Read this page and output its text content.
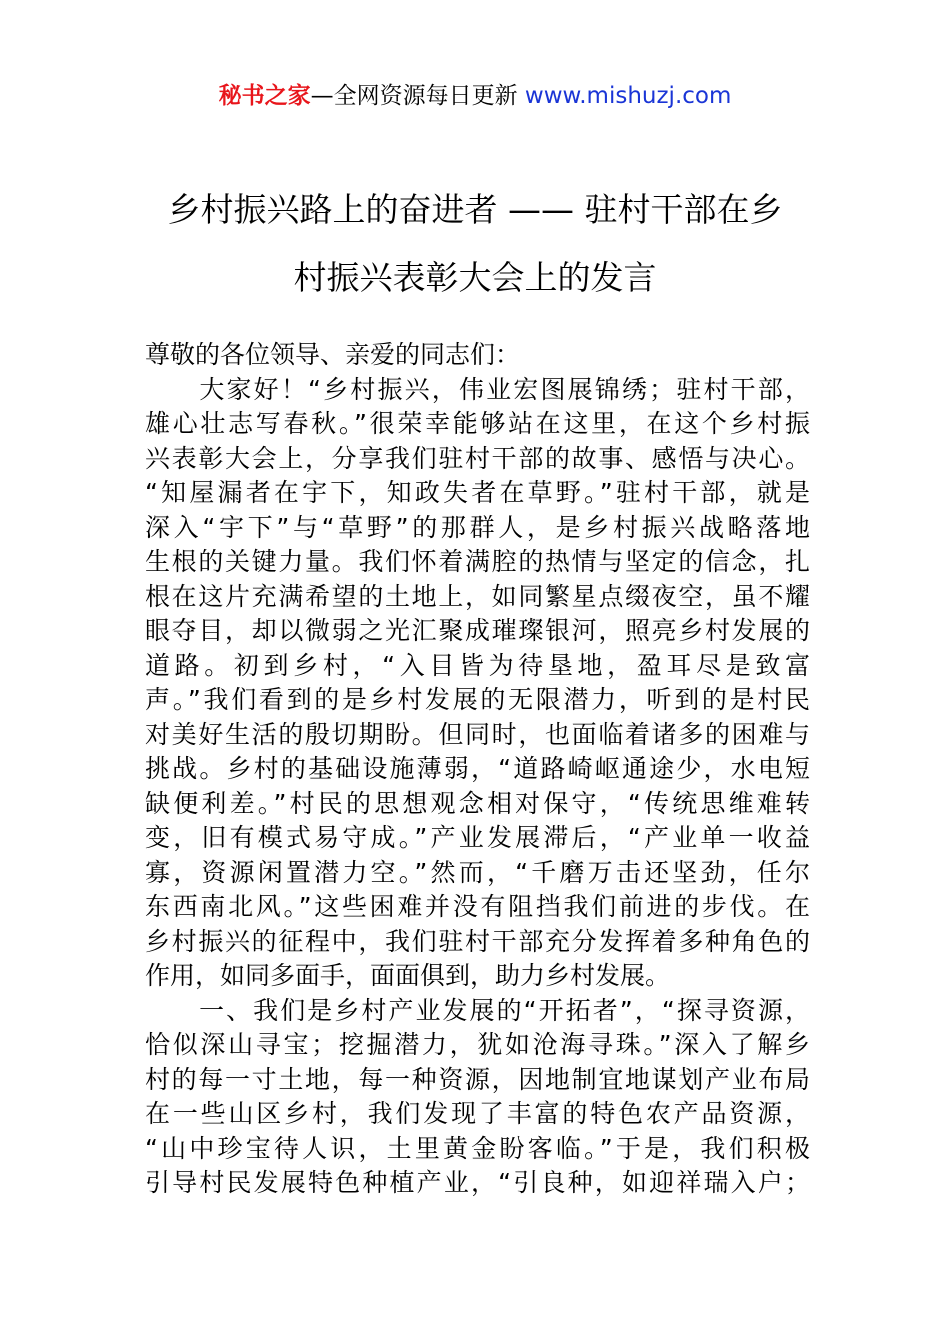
秘书之家—全网资源每日更新 www.mishuzj.com
乡村振兴路上的奋进者 —— 驻村干部在乡
村振兴表彰大会上的发言
尊敬的各位领导、亲爱的同志们：
　　大家好！“乡村振兴，伟业宏图展锦绣；驻村干部，
雄心壮志写春秋。”很荣幸能够站在这里，在这个乡村振
兴表彰大会上，分享我们驻村干部的故事、感悟与决心。
“知屋漏者在宇下，知政失者在草野。”驻村干部，就是
深入“宇下”与“草野”的那群人，是乡村振兴战略落地
生根的关键力量。我们怀着满腔的热情与坚定的信念，扎
根在这片充满希望的土地上，如同繁星点缀夜空，虽不耀
眼夺目，却以微弱之光汇聚成璀璨银河，照亮乡村发展的
道路。初到乡村，“入目皆为待垦地，盈耳尽是致富
声。”我们看到的是乡村发展的无限潜力，听到的是村民
对美好生活的殷切期盼。但同时，也面临着诸多的困难与
挑战。乡村的基础设施薄弱，“道路崎岖通途少，水电短
缺便利差。”村民的思想观念相对保守，“传统思维难转
变，旧有模式易守成。”产业发展滞后，“产业单一收益
寡，资源闲置潜力空。”然而，“千磨万击还坚劲，任尔
东西南北风。”这些困难并没有阻挡我们前进的步伐。在
乡村振兴的征程中，我们驻村干部充分发挥着多种角色的
作用，如同多面手，面面俱到，助力乡村发展。
　　一、我们是乡村产业发展的“开拓者”，“探寻资源，
恰似深山寻宝；挖掘潜力，犹如沧海寻珠。”深入了解乡
村的每一寸土地，每一种资源，因地制宜地谋划产业布局
在一些山区乡村，我们发现了丰富的特色农产品资源，
“山中珍宝待人识，土里黄金盼客临。”于是，我们积极
引导村民发展特色种植产业，“引良种，如迎祥瑞入户；
